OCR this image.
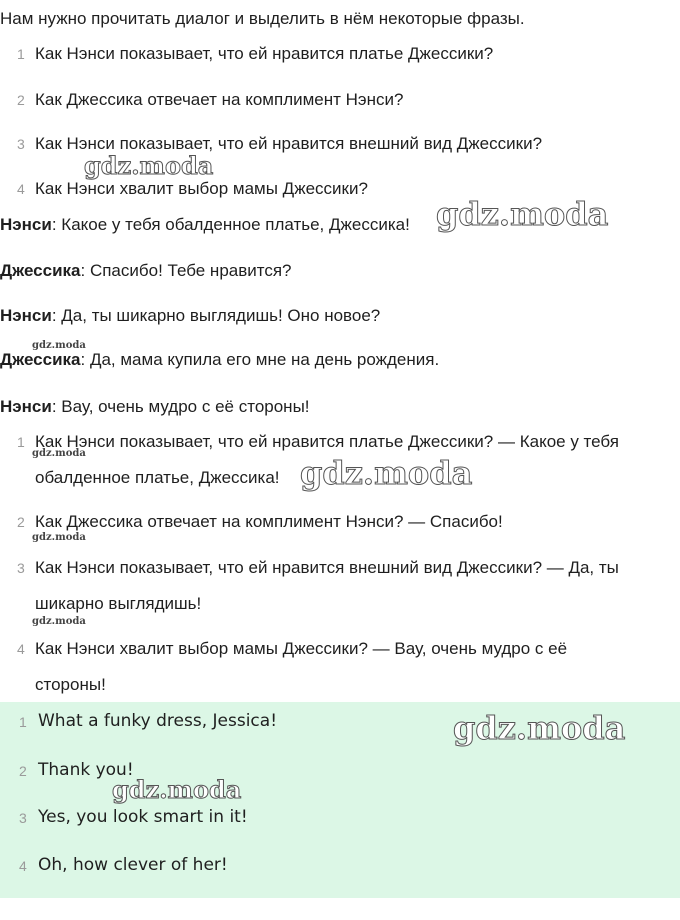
Нам нужно прочитать диалог и выделить в нём некоторые фразы.
1 Как Нэнси показывает, что ей нравится платье Джессики?
2 Как Джессика отвечает на комплимент Нэнси?
3 Как Нэнси показывает, что ей нравится внешний вид Джессики?
4 Как Нэнси хвалит выбор мамы Джессики?
Нэнси: Какое у тебя обалденное платье, Джессика!
Джессика: Спасибо! Тебе нравится?
Нэнси: Да, ты шикарно выглядишь! Оно новое?
Джессика: Да, мама купила его мне на день рождения.
Нэнси: Вау, очень мудро с её стороны!
1 Как Нэнси показывает, что ей нравится платье Джессики? — Какое у тебя
обалденное платье, Джессика!
2 Как Джессика отвечает на комплимент Нэнси? — Спасибо!
3 Как Нэнси показывает, что ей нравится внешний вид Джессики? — Да, ты
шикарно выглядишь!
4 Как Нэнси хвалит выбор мамы Джессики? — Вау, очень мудро с её
стороны!
1 What a funky dress, Jessica!
2 Thank you!
3 Yes, you look smart in it!
4 Oh, how clever of her!
gdz.moda
gdz.moda
gdz.moda
gdz.moda
gdz.moda
gdz.moda
gdz.moda
gdz.moda
gdz.moda
